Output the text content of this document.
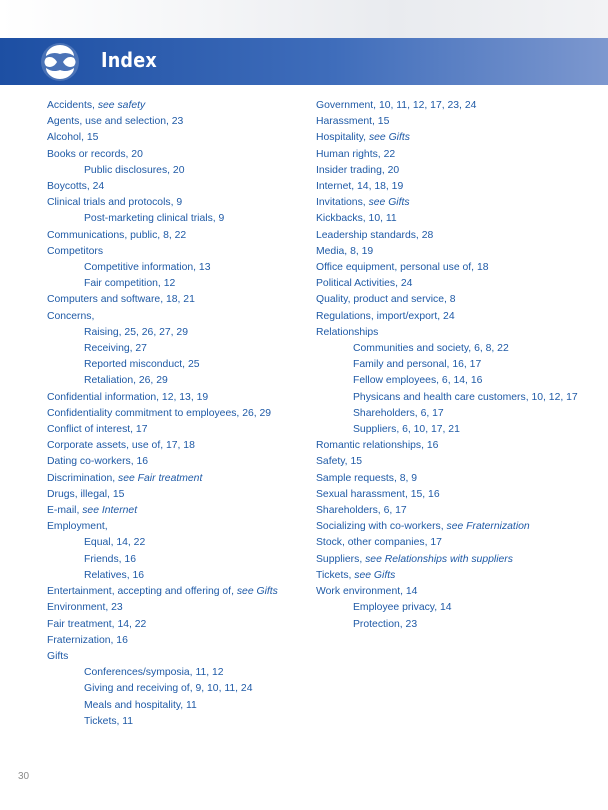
Index
Accidents, see safety
Agents, use and selection, 23
Alcohol, 15
Books or records, 20
Public disclosures, 20
Boycotts, 24
Clinical trials and protocols, 9
Post-marketing clinical trials, 9
Communications, public, 8, 22
Competitors
Competitive information, 13
Fair competition, 12
Computers and software, 18, 21
Concerns,
Raising, 25, 26, 27, 29
Receiving, 27
Reported misconduct, 25
Retaliation, 26, 29
Confidential information, 12, 13, 19
Confidentiality commitment to employees, 26, 29
Conflict of interest, 17
Corporate assets, use of, 17, 18
Dating co-workers, 16
Discrimination, see Fair treatment
Drugs, illegal, 15
E-mail, see Internet
Employment,
Equal, 14, 22
Friends, 16
Relatives, 16
Entertainment, accepting and offering of, see Gifts
Environment, 23
Fair treatment, 14, 22
Fraternization, 16
Gifts
Conferences/symposia, 11, 12
Giving and receiving of, 9, 10, 11, 24
Meals and hospitality, 11
Tickets, 11
Government, 10, 11, 12, 17, 23, 24
Harassment, 15
Hospitality, see Gifts
Human rights, 22
Insider trading, 20
Internet, 14, 18, 19
Invitations, see Gifts
Kickbacks, 10, 11
Leadership standards, 28
Media, 8, 19
Office equipment, personal use of, 18
Political Activities, 24
Quality, product and service, 8
Regulations, import/export, 24
Relationships
Communities and society, 6, 8, 22
Family and personal, 16, 17
Fellow employees, 6, 14, 16
Physicans and health care customers, 10, 12, 17
Shareholders, 6, 17
Suppliers, 6, 10, 17, 21
Romantic relationships, 16
Safety, 15
Sample requests, 8, 9
Sexual harassment, 15, 16
Shareholders, 6, 17
Socializing with co-workers, see Fraternization
Stock, other companies, 17
Suppliers, see Relationships with suppliers
Tickets, see Gifts
Work environment, 14
Employee privacy, 14
Protection, 23
30
